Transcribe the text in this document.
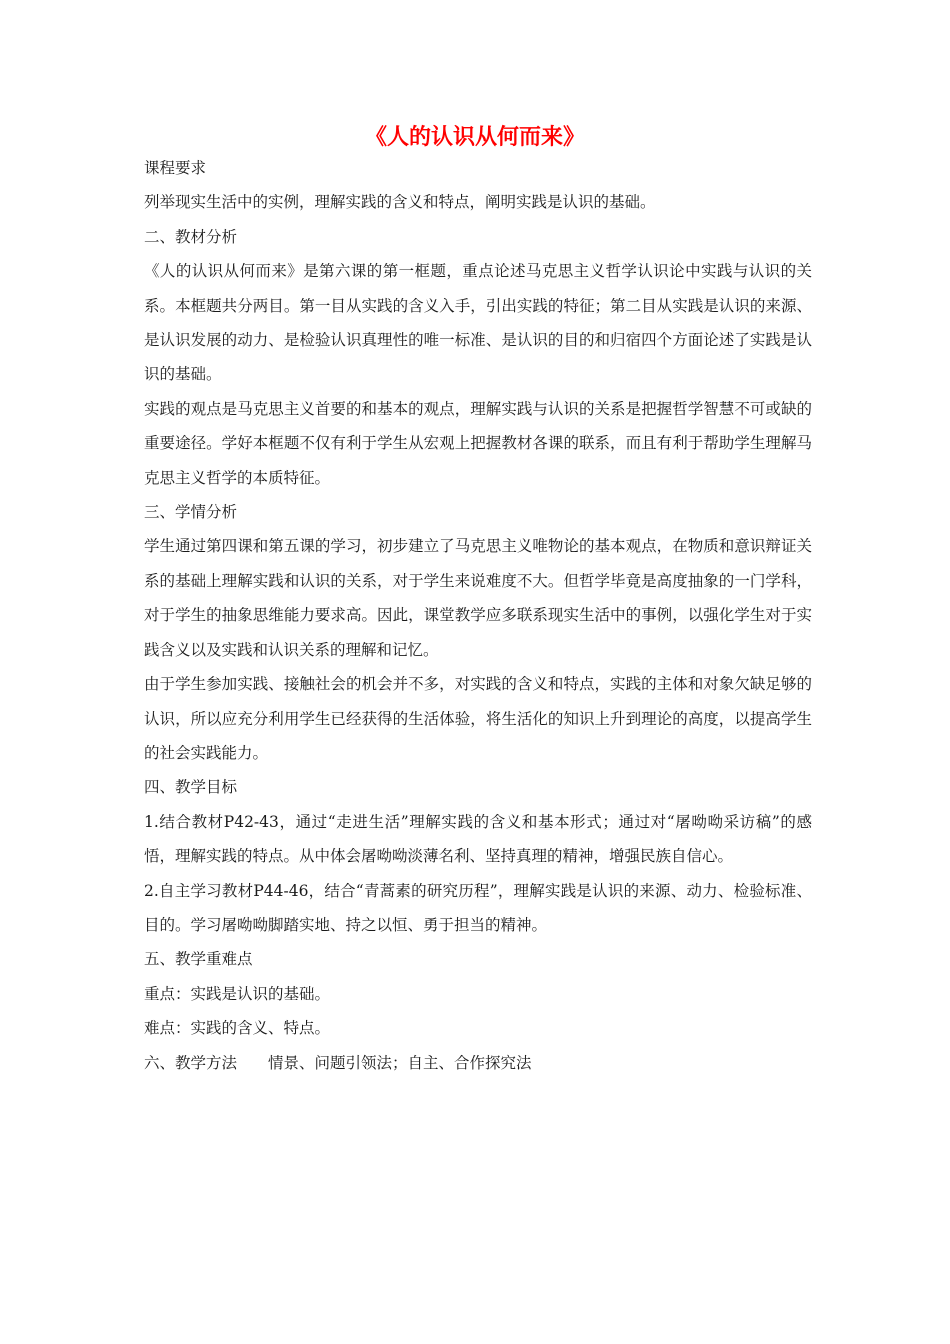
《人的认识从何而来》

课程要求

列举现实生活中的实例，理解实践的含义和特点，阐明实践是认识的基础。

二、教材分析

《人的认识从何而来》是第六课的第一框题，重点论述马克思主义哲学认识论中实践与认识的关系。本框题共分两目。第一目从实践的含义入手，引出实践的特征；第二目从实践是认识的来源、是认识发展的动力、是检验认识真理性的唯一标准、是认识的目的和归宿四个方面论述了实践是认识的基础。

实践的观点是马克思主义首要的和基本的观点，理解实践与认识的关系是把握哲学智慧不可或缺的重要途径。学好本框题不仅有利于学生从宏观上把握教材各课的联系，而且有利于帮助学生理解马克思主义哲学的本质特征。

三、学情分析

学生通过第四课和第五课的学习，初步建立了马克思主义唯物论的基本观点，在物质和意识辩证关系的基础上理解实践和认识的关系，对于学生来说难度不大。但哲学毕竟是高度抽象的一门学科，对于学生的抽象思维能力要求高。因此，课堂教学应多联系现实生活中的事例，以强化学生对于实践含义以及实践和认识关系的理解和记忆。

由于学生参加实践、接触社会的机会并不多，对实践的含义和特点，实践的主体和对象欠缺足够的认识，所以应充分利用学生已经获得的生活体验，将生活化的知识上升到理论的高度，以提高学生的社会实践能力。

四、教学目标

1.结合教材P42-43，通过“走进生活”理解实践的含义和基本形式；通过对“屠呦呦采访稿”的感悟，理解实践的特点。从中体会屠呦呦淡薄名利、坚持真理的精神，增强民族自信心。

2.自主学习教材P44-46，结合“青蒿素的研究历程”，理解实践是认识的来源、动力、检验标准、目的。学习屠呦呦脚踏实地、持之以恒、勇于担当的精神。

五、教学重难点

重点：实践是认识的基础。

难点：实践的含义、特点。

六、教学方法　　情景、问题引领法；自主、合作探究法
